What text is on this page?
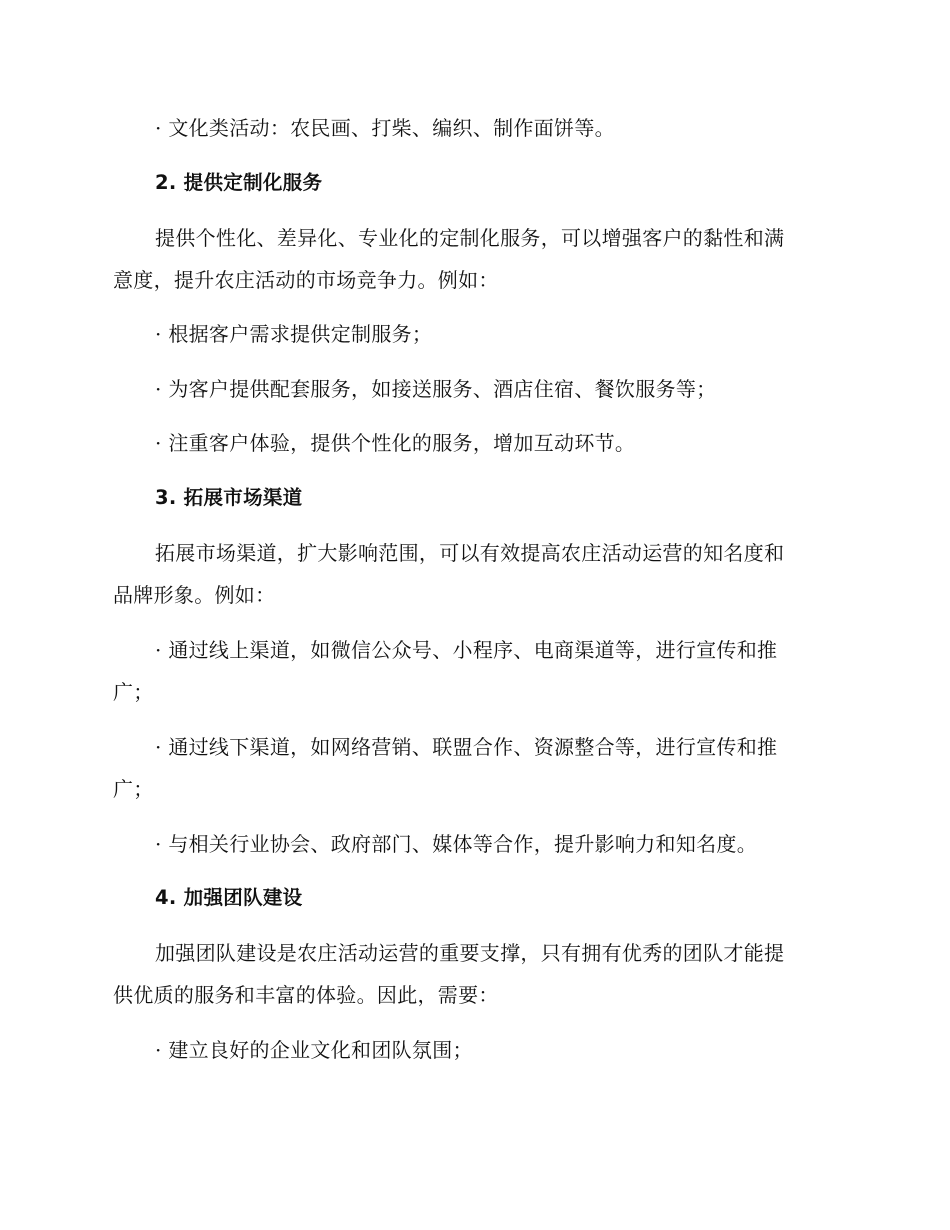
· 文化类活动：农民画、打柴、编织、制作面饼等。
2. 提供定制化服务
提供个性化、差异化、专业化的定制化服务，可以增强客户的黏性和满
意度，提升农庄活动的市场竞争力。例如：
· 根据客户需求提供定制服务；
· 为客户提供配套服务，如接送服务、酒店住宿、餐饮服务等；
· 注重客户体验，提供个性化的服务，增加互动环节。
3. 拓展市场渠道
拓展市场渠道，扩大影响范围，可以有效提高农庄活动运营的知名度和
品牌形象。例如：
· 通过线上渠道，如微信公众号、小程序、电商渠道等，进行宣传和推
广；
· 通过线下渠道，如网络营销、联盟合作、资源整合等，进行宣传和推
广；
· 与相关行业协会、政府部门、媒体等合作，提升影响力和知名度。
4. 加强团队建设
加强团队建设是农庄活动运营的重要支撑，只有拥有优秀的团队才能提
供优质的服务和丰富的体验。因此，需要：
· 建立良好的企业文化和团队氛围；
